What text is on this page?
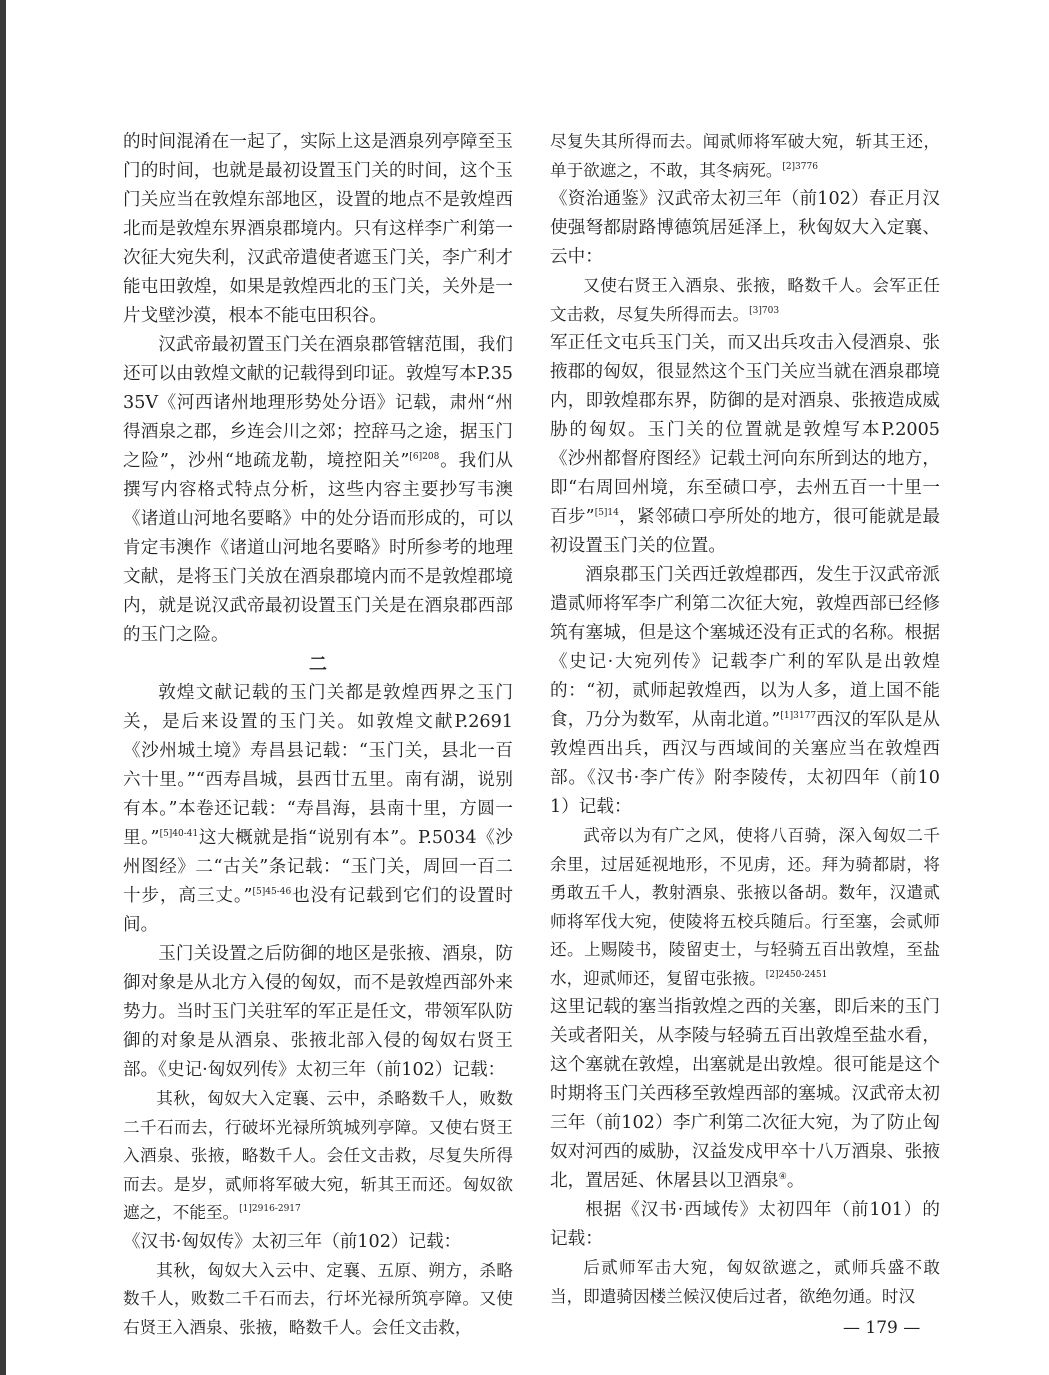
的时间混淆在一起了，实际上这是酒泉列亭障至玉门的时间，也就是最初设置玉门关的时间，这个玉门关应当在敦煌东部地区，设置的地点不是敦煌西北而是敦煌东界酒泉郡境内。只有这样李广利第一次征大宛失利，汉武帝遣使者遮玉门关，李广利才能屯田敦煌，如果是敦煌西北的玉门关，关外是一片戈壁沙漠，根本不能屯田积谷。

汉武帝最初置玉门关在酒泉郡管辖范围，我们还可以由敦煌文献的记载得到印证。敦煌写本P.3535V《河西诸州地理形势处分语》记载，肃州“州得酒泉之郡，乡连会川之郊；控辞马之途，据玉门之险”，沙州“地疏龙勒，境控阳关”$^{[6]208}$。我们从撰写内容格式特点分析，这些内容主要抄写韦澳《诸道山河地名要略》中的处分语而形成的，可以肯定韦澳作《诸道山河地名要略》时所参考的地理文献，是将玉门关放在酒泉郡境内而不是敦煌郡境内，就是说汉武帝最初设置玉门关是在酒泉郡西部的玉门之险。

二

敦煌文献记载的玉门关都是敦煌西界之玉门关，是后来设置的玉门关。如敦煌文献P.2691《沙州城土境》寿昌县记载：“玉门关，县北一百六十里。”“西寿昌城，县西廿五里。南有湖，说别有本。”本卷还记载：“寿昌海，县南十里，方圆一里。”$^{[5]40-41}$这大概就是指“说别有本”。P.5034《沙州图经》二“古关”条记载：“玉门关，周回一百二十步，高三丈。”$^{[5]45-46}$也没有记载到它们的设置时间。

玉门关设置之后防御的地区是张掖、酒泉，防御对象是从北方入侵的匈奴，而不是敦煌西部外来势力。当时玉门关驻军的军正是任文，带领军队防御的对象是从酒泉、张掖北部入侵的匈奴右贤王部。《史记·匈奴列传》太初三年（前102）记载：

其秋，匈奴大入定襄、云中，杀略数千人，败数二千石而去，行破坏光禄所筑城列亭障。又使右贤王入酒泉、张掖，略数千人。会任文击救，尽复失所得而去。是岁，贰师将军破大宛，斩其王而还。匈奴欲遮之，不能至。$^{[1]2916-2917}$

《汉书·匈奴传》太初三年（前102）记载：

其秋，匈奴大入云中、定襄、五原、朔方，杀略数千人，败数二千石而去，行坏光禄所筑亭障。又使右贤王入酒泉、张掖，略数千人。会任文击救，

尽复失其所得而去。闻贰师将军破大宛，斩其王还，单于欲遮之，不敢，其冬病死。$^{[2]3776}$

《资治通鉴》汉武帝太初三年（前102）春正月汉使强弩都尉路博德筑居延泽上，秋匈奴大入定襄、云中：

又使右贤王入酒泉、张掖，略数千人。会军正任文击救，尽复失所得而去。$^{[3]703}$

军正任文屯兵玉门关，而又出兵攻击入侵酒泉、张掖郡的匈奴，很显然这个玉门关应当就在酒泉郡境内，即敦煌郡东界，防御的是对酒泉、张掖造成威胁的匈奴。玉门关的位置就是敦煌写本P.2005《沙州都督府图经》记载土河向东所到达的地方，即“右周回州境，东至碛口亭，去州五百一十里一百步”$^{[5]14}$，紧邻碛口亭所处的地方，很可能就是最初设置玉门关的位置。

酒泉郡玉门关西迁敦煌郡西，发生于汉武帝派遣贰师将军李广利第二次征大宛，敦煌西部已经修筑有塞城，但是这个塞城还没有正式的名称。根据《史记·大宛列传》记载李广利的军队是出敦煌的：“初，贰师起敦煌西，以为人多，道上国不能食，乃分为数军，从南北道。”$^{[1]3177}$西汉的军队是从敦煌西出兵，西汉与西域间的关塞应当在敦煌西部。《汉书·李广传》附李陵传，太初四年（前101）记载：

武帝以为有广之风，使将八百骑，深入匈奴二千余里，过居延视地形，不见虏，还。拜为骑都尉，将勇敢五千人，教射酒泉、张掖以备胡。数年，汉遣贰师将军伐大宛，使陵将五校兵随后。行至塞，会贰师还。上赐陵书，陵留吏士，与轻骑五百出敦煌，至盐水，迎贰师还，复留屯张掖。$^{[2]2450-2451}$

这里记载的塞当指敦煌之西的关塞，即后来的玉门关或者阳关，从李陵与轻骑五百出敦煌至盐水看，这个塞就在敦煌，出塞就是出敦煌。很可能是这个时期将玉门关西移至敦煌西部的塞城。汉武帝太初三年（前102）李广利第二次征大宛，为了防止匈奴对河西的威胁，汉益发戍甲卒十八万酒泉、张掖北，置居延、休屠县以卫酒泉④。

根据《汉书·西域传》太初四年（前101）的记载：

后贰师军击大宛，匈奴欲遮之，贰师兵盛不敢当，即遣骑因楼兰候汉使后过者，欲绝勿通。时汉

— 179 —
